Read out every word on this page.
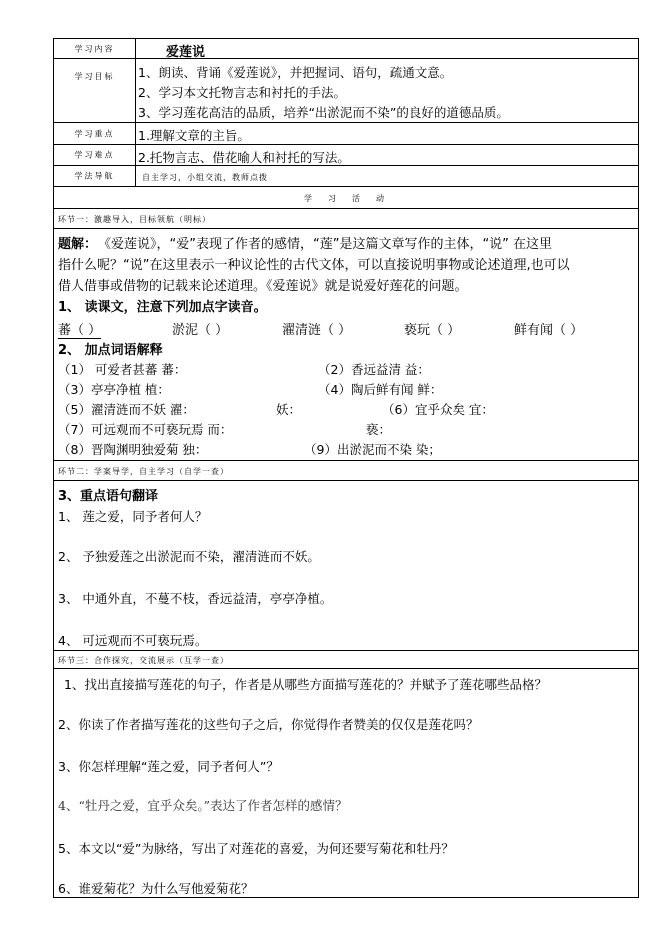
学习内容	爱莲说
学习目标	1、朗读、背诵《爱莲说》，并把握词、语句，疏通文意。
2、学习本文托物言志和衬托的手法。
3、学习莲花高洁的品质，培养“出淤泥而不染”的良好的道德品质。
学习重点	1.理解文章的主旨。
学习难点	2.托物言志、借花喻人和衬托的写法。
学法导航	自主学习，小组交流，教师点拨
学　习　活　动
环节一：激趣导入，目标领航（明标）
题解： 《爱莲说》，“爱”表现了作者的感情，“莲”是这篇文章写作的主体，“说” 在这里
指什么呢？“说”在这里表示一种议论性的古代文体，可以直接说明事物或论述道理,也可以
借人借事或借物的记载来论述道理。《爱莲说》就是说爱好莲花的问题。
1、 读课文，注意下列加点字读音。
蕃（ ）	淤泥（ ）	濯清涟（ ）	亵玩（ ）	鲜有闻（ ）
2、 加点词语解释
（1） 可爱者甚蕃 蕃：	（2）香远益清 益：
（3）亭亭净植 植：	（4）陶后鲜有闻 鲜：
（5）濯清涟而不妖 濯：	妖：	（6）宜乎众矣 宜：
（7）可远观而不可亵玩焉 而：	亵：
（8）晋陶渊明独爱菊 独：	（9）出淤泥而不染 染；
环节二：学案导学，自主学习（自学一查）
3、重点语句翻译
1、 莲之爱，同予者何人？
2、 予独爱莲之出淤泥而不染，濯清涟而不妖。
3、 中通外直，不蔓不枝，香远益清，亭亭净植。
4、 可远观而不可亵玩焉。
环节三：合作探究，交流展示（互学一查）
1、找出直接描写莲花的句子，作者是从哪些方面描写莲花的？并赋予了莲花哪些品格？
2、你读了作者描写莲花的这些句子之后，你觉得作者赞美的仅仅是莲花吗？
3、你怎样理解“莲之爱，同予者何人”？
4、“牡丹之爱，宜乎众矣。”表达了作者怎样的感情？
5、本文以“爱”为脉络，写出了对莲花的喜爱，为何还要写菊花和牡丹？
6、谁爱菊花？为什么写他爱菊花？
